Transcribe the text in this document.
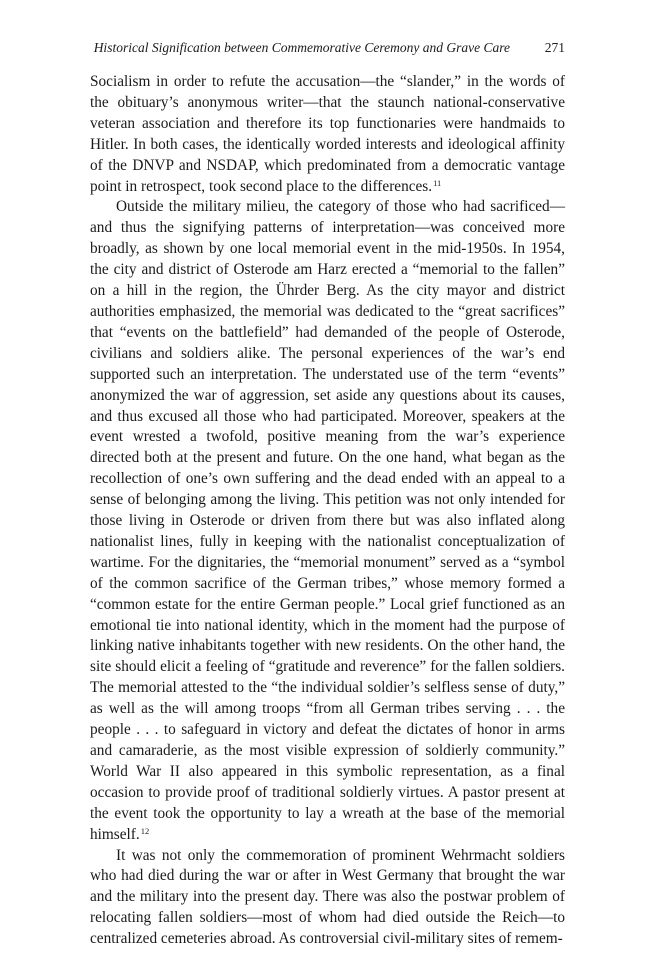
Historical Signification between Commemorative Ceremony and Grave Care	271

Socialism in order to refute the accusation—the “slander,” in the words of the obituary’s anonymous writer—that the staunch national-conservative veteran association and therefore its top functionaries were handmaids to Hitler. In both cases, the identically worded interests and ideological affinity of the DNVP and NSDAP, which predominated from a democratic vantage point in retrospect, took second place to the differences.$^{11}$

Outside the military milieu, the category of those who had sacrificed—and thus the signifying patterns of interpretation—was conceived more broadly, as shown by one local memorial event in the mid-1950s. In 1954, the city and district of Osterode am Harz erected a “memorial to the fallen” on a hill in the region, the Ührder Berg. As the city mayor and district authorities emphasized, the memorial was dedicated to the “great sacrifices” that “events on the battlefield” had demanded of the people of Osterode, civilians and soldiers alike. The personal experiences of the war’s end supported such an interpretation. The understated use of the term “events” anonymized the war of aggression, set aside any questions about its causes, and thus excused all those who had participated. Moreover, speakers at the event wrested a twofold, positive meaning from the war’s experience directed both at the present and future. On the one hand, what began as the recollection of one’s own suffering and the dead ended with an appeal to a sense of belonging among the living. This petition was not only intended for those living in Osterode or driven from there but was also inflated along nationalist lines, fully in keeping with the nationalist conceptualization of wartime. For the dignitaries, the “memorial monument” served as a “symbol of the common sacrifice of the German tribes,” whose memory formed a “common estate for the entire German people.” Local grief functioned as an emotional tie into national identity, which in the moment had the purpose of linking native inhabitants together with new residents. On the other hand, the site should elicit a feeling of “gratitude and reverence” for the fallen soldiers. The memorial attested to the “the individual soldier’s selfless sense of duty,” as well as the will among troops “from all German tribes serving . . . the people . . . to safeguard in victory and defeat the dictates of honor in arms and camaraderie, as the most visible expression of soldierly community.” World War II also appeared in this symbolic representation, as a final occasion to provide proof of traditional soldierly virtues. A pastor present at the event took the opportunity to lay a wreath at the base of the memorial himself.$^{12}$

It was not only the commemoration of prominent Wehrmacht soldiers who had died during the war or after in West Germany that brought the war and the military into the present day. There was also the postwar problem of relocating fallen soldiers—most of whom had died outside the Reich—to centralized cemeteries abroad. As controversial civil-military sites of remem-
